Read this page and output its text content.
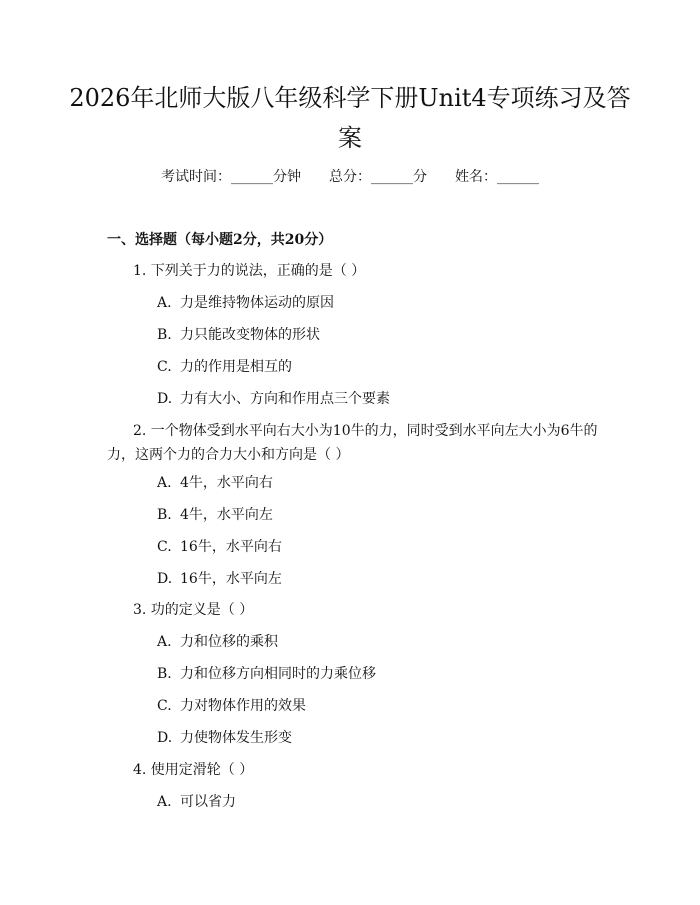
2026年北师大版八年级科学下册Unit4专项练习及答案
考试时间：______分钟 总分：______分 姓名：______
一、选择题（每小题2分，共20分）
1. 下列关于力的说法，正确的是（ ）
A. 力是维持物体运动的原因
B. 力只能改变物体的形状
C. 力的作用是相互的
D. 力有大小、方向和作用点三个要素
2. 一个物体受到水平向右大小为10牛的力，同时受到水平向左大小为6牛的力，这两个力的合力大小和方向是（ ）
A. 4牛，水平向右
B. 4牛，水平向左
C. 16牛，水平向右
D. 16牛，水平向左
3. 功的定义是（ ）
A. 力和位移的乘积
B. 力和位移方向相同时的力乘位移
C. 力对物体作用的效果
D. 力使物体发生形变
4. 使用定滑轮（ ）
A. 可以省力
